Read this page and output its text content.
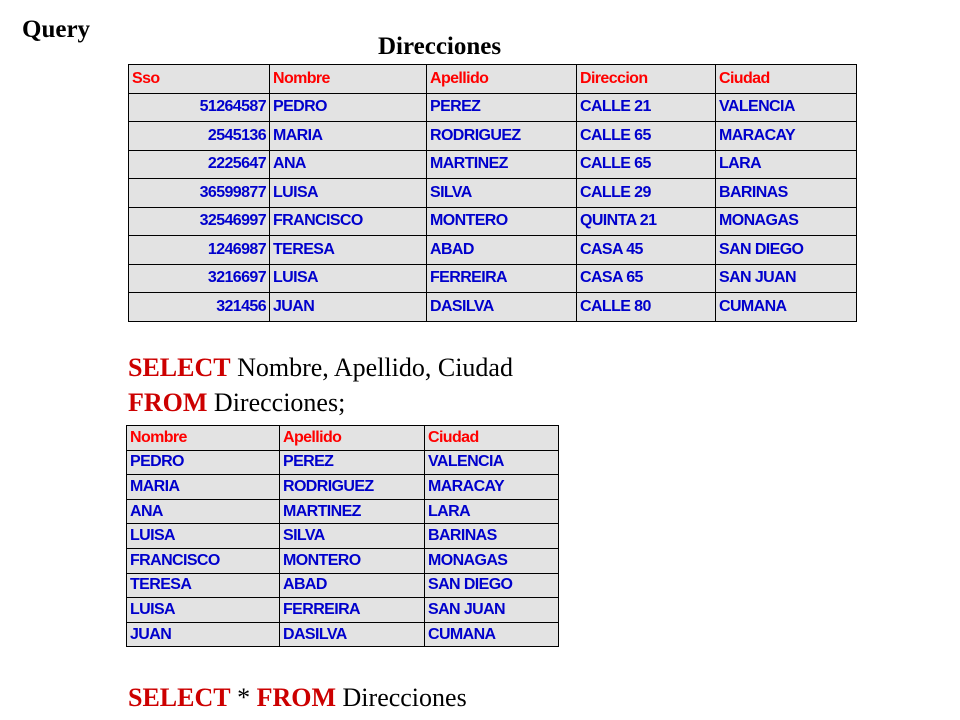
Query
Direcciones
Sso	Nombre	Apellido	Direccion	Ciudad
51264587	PEDRO	PEREZ	CALLE 21	VALENCIA
2545136	MARIA	RODRIGUEZ	CALLE 65	MARACAY
2225647	ANA	MARTINEZ	CALLE 65	LARA
36599877	LUISA	SILVA	CALLE 29	BARINAS
32546997	FRANCISCO	MONTERO	QUINTA 21	MONAGAS
1246987	TERESA	ABAD	CASA 45	SAN DIEGO
3216697	LUISA	FERREIRA	CASA 65	SAN JUAN
321456	JUAN	DASILVA	CALLE 80	CUMANA
SELECT Nombre, Apellido, Ciudad
FROM Direcciones;
Nombre	Apellido	Ciudad
PEDRO	PEREZ	VALENCIA
MARIA	RODRIGUEZ	MARACAY
ANA	MARTINEZ	LARA
LUISA	SILVA	BARINAS
FRANCISCO	MONTERO	MONAGAS
TERESA	ABAD	SAN DIEGO
LUISA	FERREIRA	SAN JUAN
JUAN	DASILVA	CUMANA
SELECT * FROM Direcciones
